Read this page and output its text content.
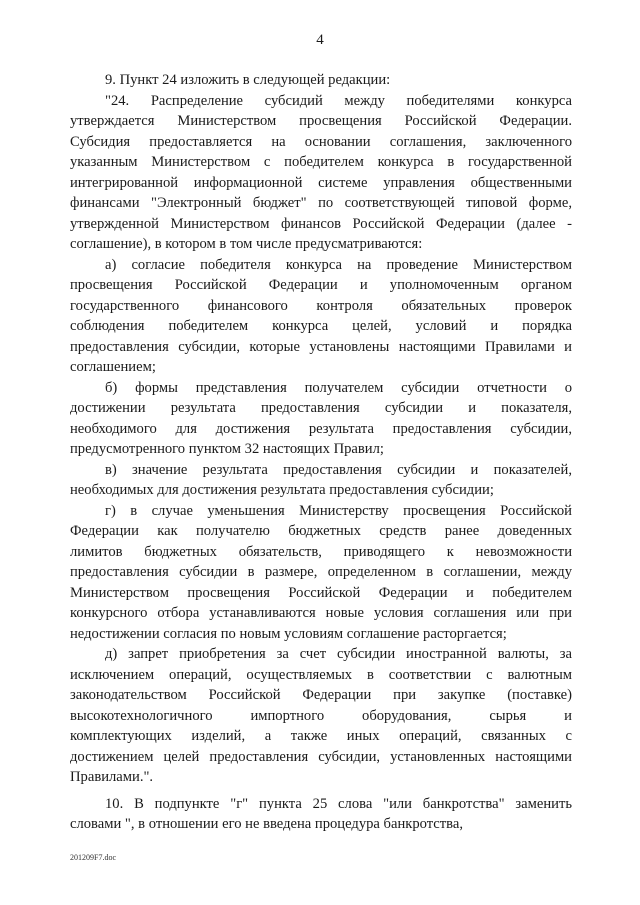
4

9. Пункт 24 изложить в следующей редакции:

"24. Распределение субсидий между победителями конкурса

утверждается Министерством просвещения Российской Федерации.

Субсидия предоставляется на основании соглашения, заключенного

указанным Министерством с победителем конкурса в государственной

интегрированной информационной системе управления общественными

финансами "Электронный бюджет" по соответствующей типовой форме,

утвержденной Министерством финансов Российской Федерации (далее -

соглашение), в котором в том числе предусматриваются:

а) согласие победителя конкурса на проведение Министерством

просвещения Российской Федерации и уполномоченным органом

государственного финансового контроля обязательных проверок

соблюдения победителем конкурса целей, условий и порядка

предоставления субсидии, которые установлены настоящими Правилами и

соглашением;

б) формы представления получателем субсидии отчетности о

достижении результата предоставления субсидии и показателя,

необходимого для достижения результата предоставления субсидии,

предусмотренного пунктом 32 настоящих Правил;

в) значение результата предоставления субсидии и показателей,

необходимых для достижения результата предоставления субсидии;

г) в случае уменьшения Министерству просвещения Российской

Федерации как получателю бюджетных средств ранее доведенных

лимитов бюджетных обязательств, приводящего к невозможности

предоставления субсидии в размере, определенном в соглашении, между

Министерством просвещения Российской Федерации и победителем

конкурсного отбора устанавливаются новые условия соглашения или при

недостижении согласия по новым условиям соглашение расторгается;

д) запрет приобретения за счет субсидии иностранной валюты, за

исключением операций, осуществляемых в соответствии с валютным

законодательством Российской Федерации при закупке (поставке)

высокотехнологичного импортного оборудования, сырья и

комплектующих изделий, а также иных операций, связанных с

достижением целей предоставления субсидии, установленных настоящими

Правилами.".

10. В подпункте "г" пункта 25 слова "или банкротства" заменить

словами ", в отношении его не введена процедура банкротства,

201209F7.doc
